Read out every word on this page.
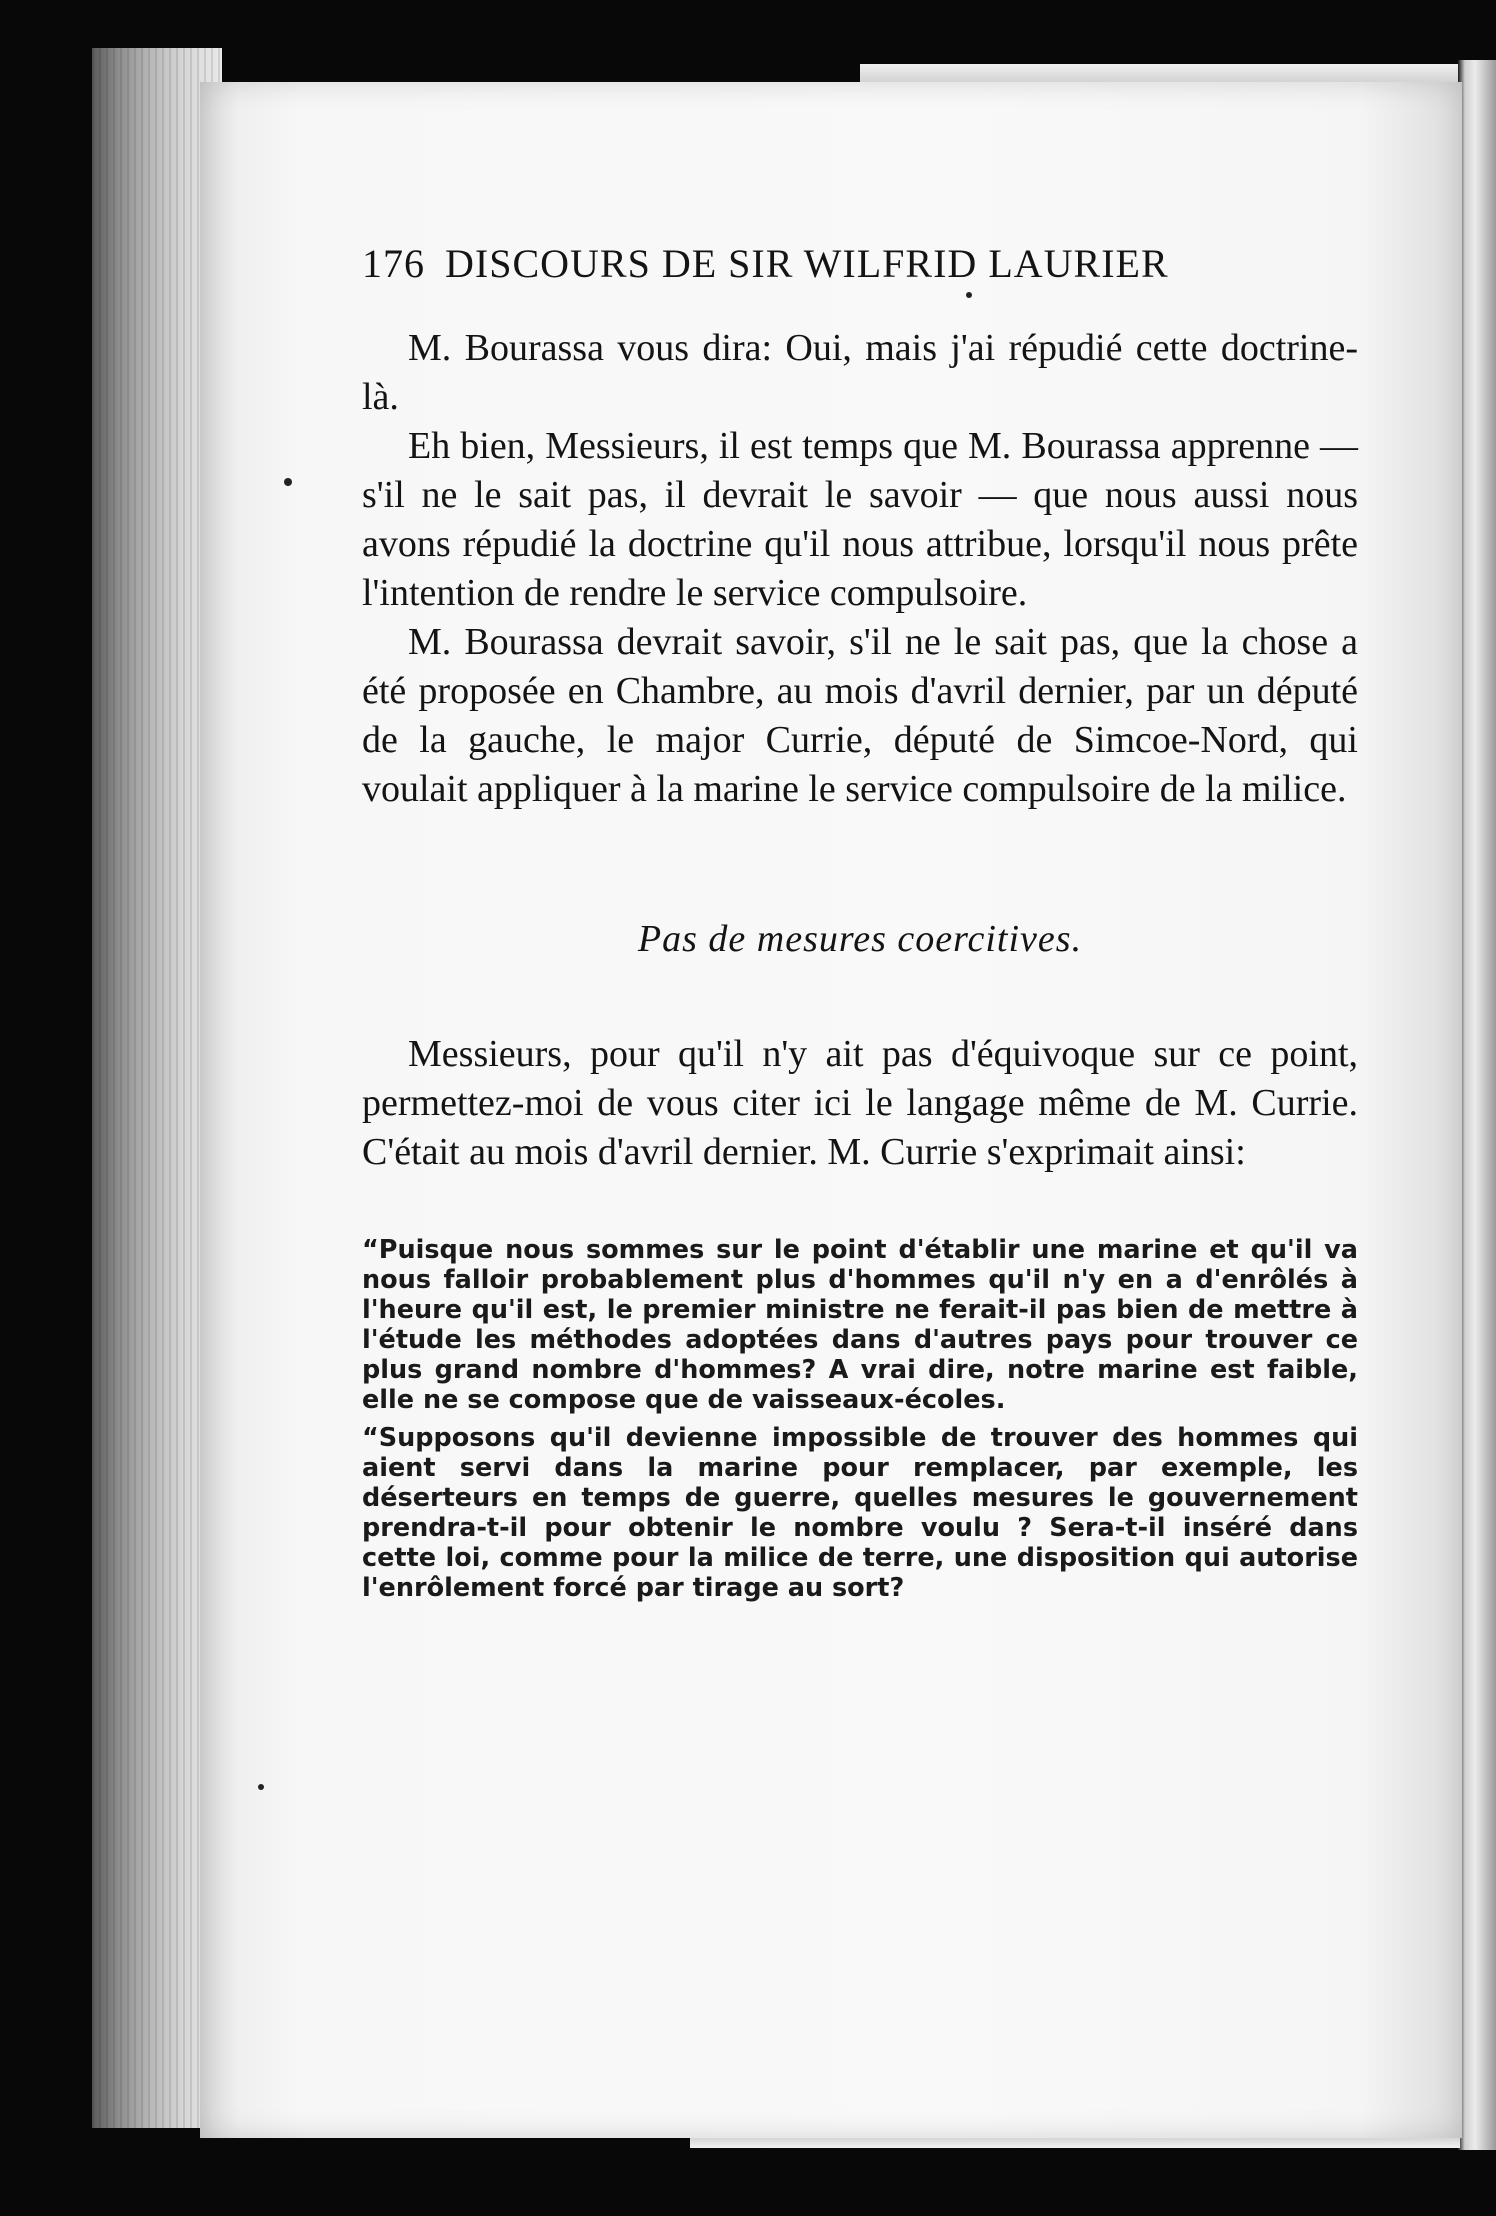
176 DISCOURS DE SIR WILFRID LAURIER

M. Bourassa vous dira: Oui, mais j'ai répudié cette doctrine-là.

Eh bien, Messieurs, il est temps que M. Bourassa apprenne — s'il ne le sait pas, il devrait le savoir — que nous aussi nous avons répudié la doctrine qu'il nous attribue, lorsqu'il nous prête l'intention de rendre le service compulsoire.

M. Bourassa devrait savoir, s'il ne le sait pas, que la chose a été proposée en Chambre, au mois d'avril dernier, par un député de la gauche, le major Currie, député de Simcoe-Nord, qui voulait appliquer à la marine le service compulsoire de la milice.

Pas de mesures coercitives.

Messieurs, pour qu'il n'y ait pas d'équivoque sur ce point, permettez-moi de vous citer ici le langage même de M. Currie. C'était au mois d'avril dernier. M. Currie s'exprimait ainsi:

“Puisque nous sommes sur le point d'établir une marine et qu'il va nous falloir probablement plus d'hommes qu'il n'y en a d'enrôlés à l'heure qu'il est, le premier ministre ne ferait-il pas bien de mettre à l'étude les méthodes adoptées dans d'autres pays pour trouver ce plus grand nombre d'hommes? A vrai dire, notre marine est faible, elle ne se compose que de vaisseaux-écoles.

“Supposons qu'il devienne impossible de trouver des hommes qui aient servi dans la marine pour remplacer, par exemple, les déserteurs en temps de guerre, quelles mesures le gouvernement prendra-t-il pour obtenir le nombre voulu ? Sera-t-il inséré dans cette loi, comme pour la milice de terre, une disposition qui autorise l'enrôlement forcé par tirage au sort?
